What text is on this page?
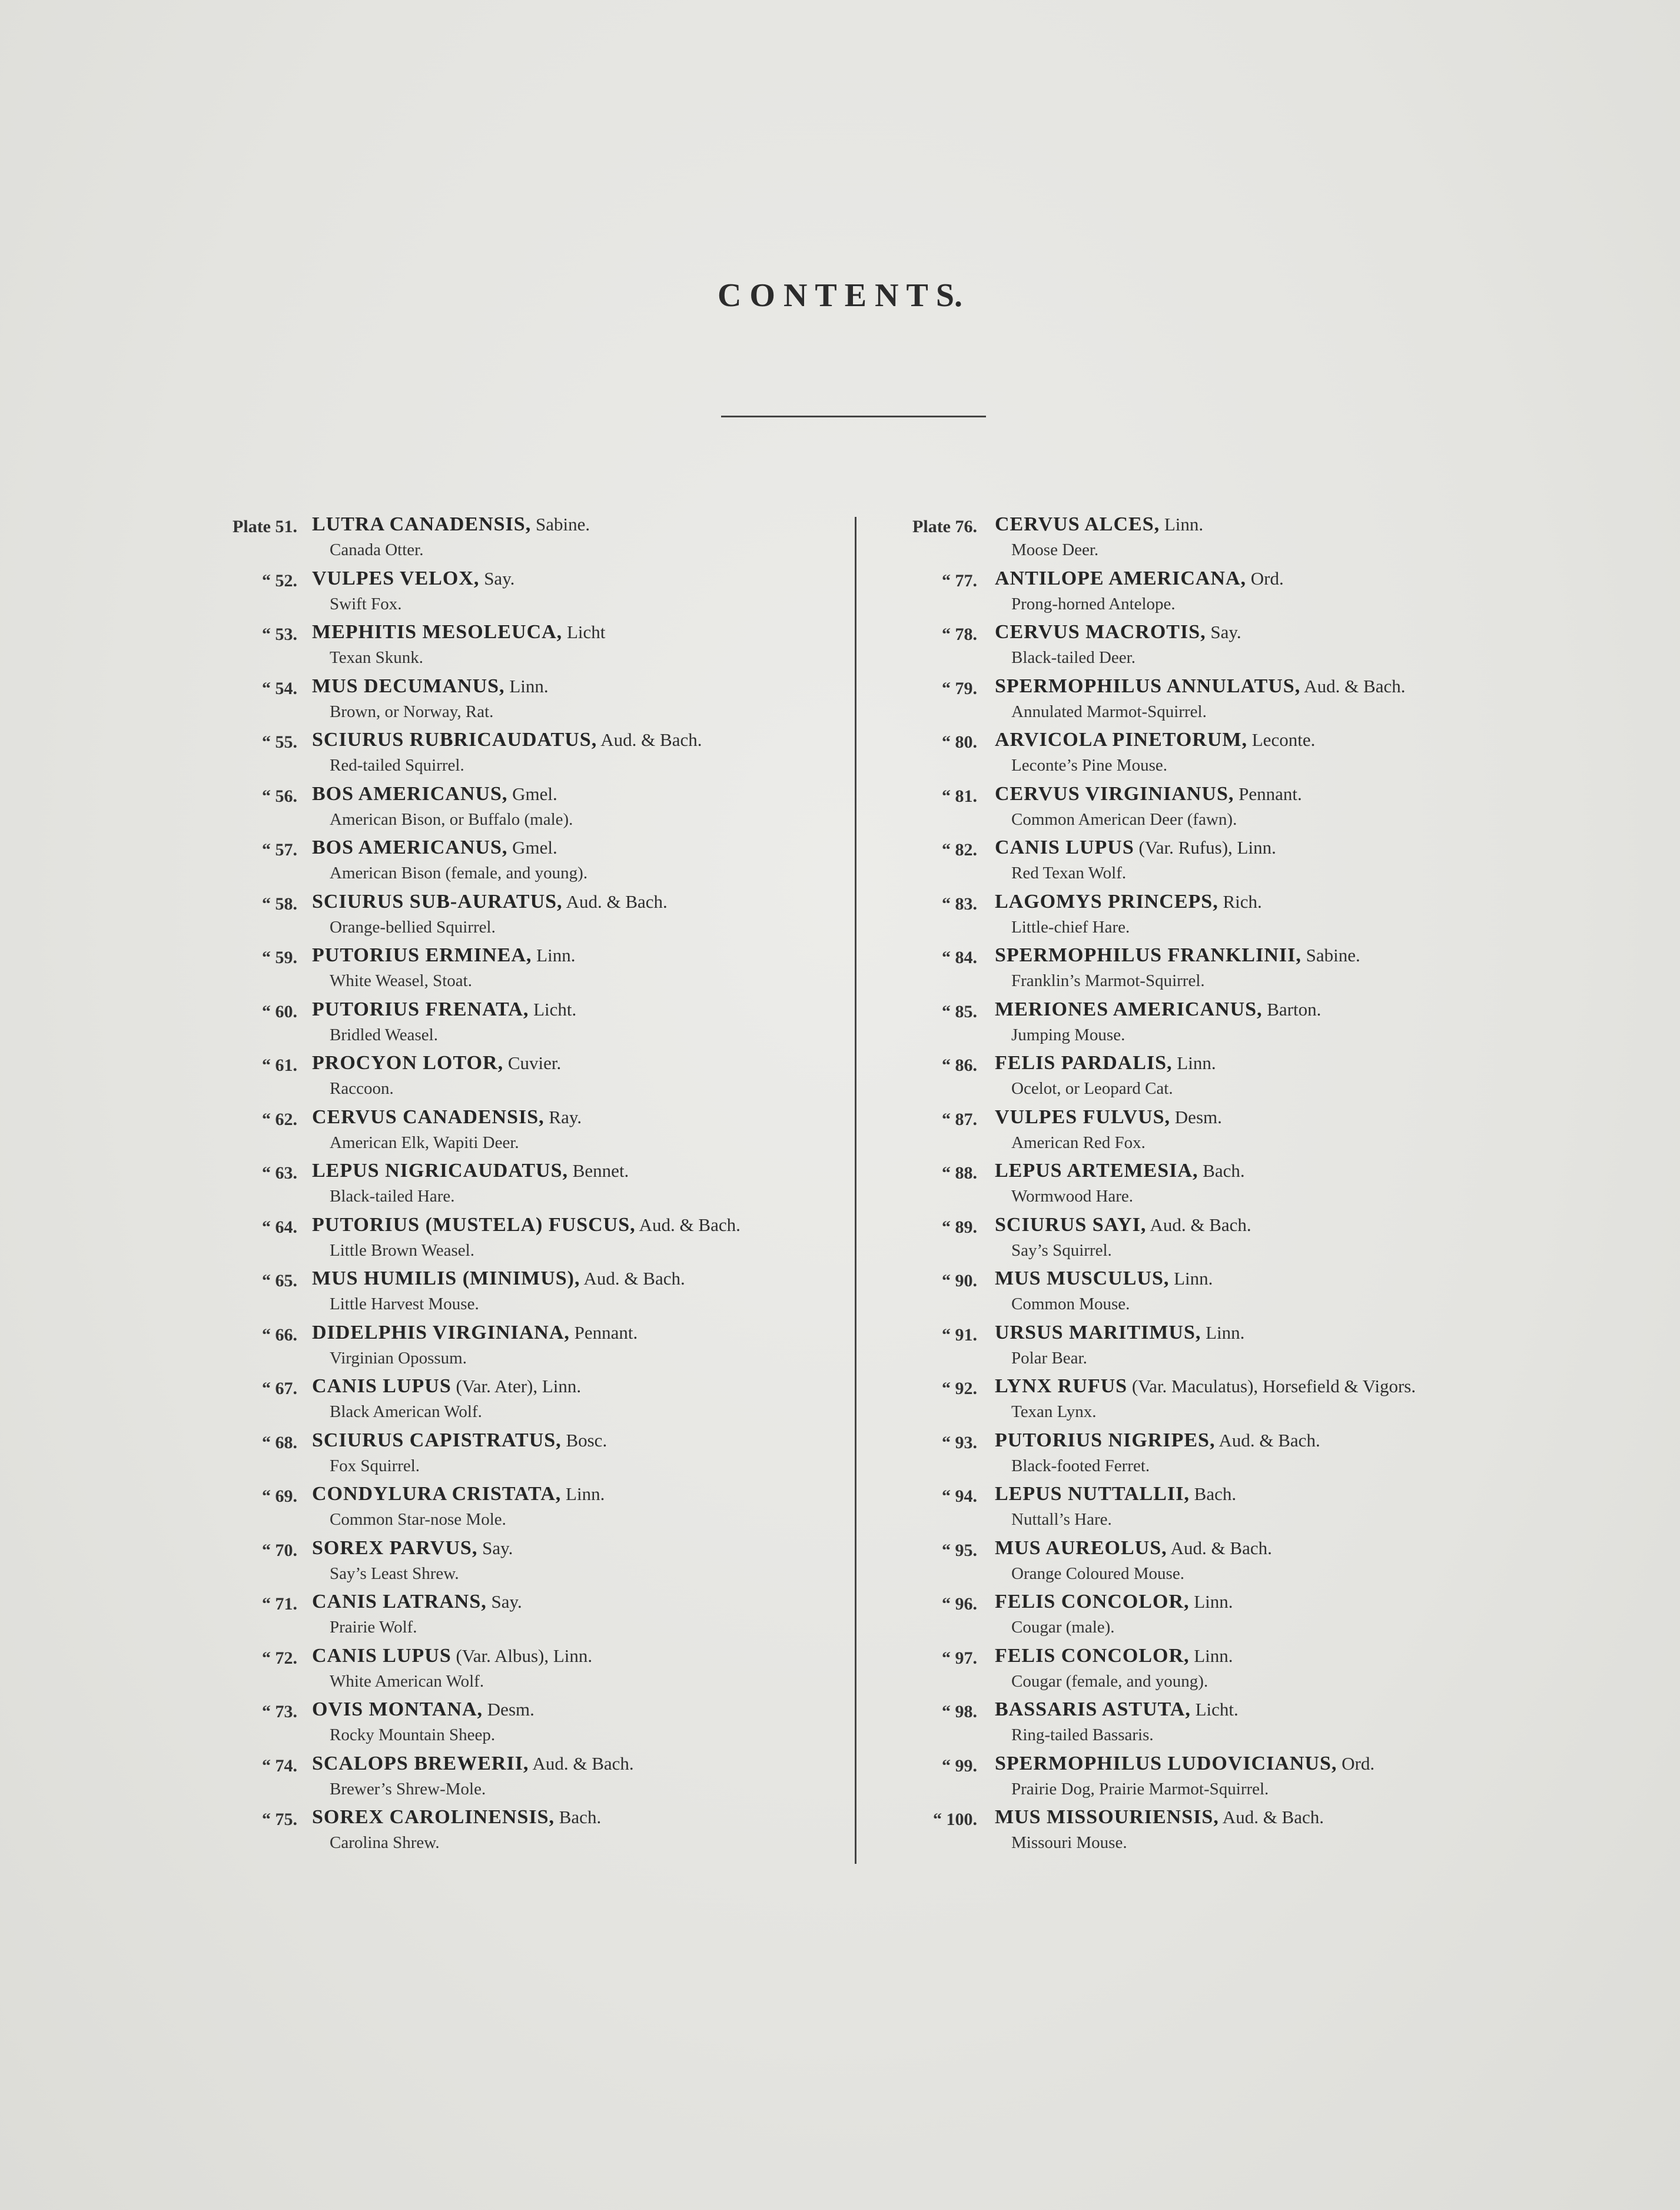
C O N T E N T S.
Plate 51. LUTRA CANADENSIS, Sabine.
Canada Otter.
“ 52. VULPES VELOX, Say.
Swift Fox.
“ 53. MEPHITIS MESOLEUCA, Licht
Texan Skunk.
“ 54. MUS DECUMANUS, Linn.
Brown, or Norway, Rat.
“ 55. SCIURUS RUBRICAUDATUS, Aud. & Bach.
Red-tailed Squirrel.
“ 56. BOS AMERICANUS, Gmel.
American Bison, or Buffalo (male).
“ 57. BOS AMERICANUS, Gmel.
American Bison (female, and young).
“ 58. SCIURUS SUB-AURATUS, Aud. & Bach.
Orange-bellied Squirrel.
“ 59. PUTORIUS ERMINEA, Linn.
White Weasel, Stoat.
“ 60. PUTORIUS FRENATA, Licht.
Bridled Weasel.
“ 61. PROCYON LOTOR, Cuvier.
Raccoon.
“ 62. CERVUS CANADENSIS, Ray.
American Elk, Wapiti Deer.
“ 63. LEPUS NIGRICAUDATUS, Bennet.
Black-tailed Hare.
“ 64. PUTORIUS (MUSTELA) FUSCUS, Aud. & Bach.
Little Brown Weasel.
“ 65. MUS HUMILIS (MINIMUS), Aud. & Bach.
Little Harvest Mouse.
“ 66. DIDELPHIS VIRGINIANA, Pennant.
Virginian Opossum.
“ 67. CANIS LUPUS (Var. Ater), Linn.
Black American Wolf.
“ 68. SCIURUS CAPISTRATUS, Bosc.
Fox Squirrel.
“ 69. CONDYLURA CRISTATA, Linn.
Common Star-nose Mole.
“ 70. SOREX PARVUS, Say.
Say’s Least Shrew.
“ 71. CANIS LATRANS, Say.
Prairie Wolf.
“ 72. CANIS LUPUS (Var. Albus), Linn.
White American Wolf.
“ 73. OVIS MONTANA, Desm.
Rocky Mountain Sheep.
“ 74. SCALOPS BREWERII, Aud. & Bach.
Brewer’s Shrew-Mole.
“ 75. SOREX CAROLINENSIS, Bach.
Carolina Shrew.
Plate 76. CERVUS ALCES, Linn.
Moose Deer.
“ 77. ANTILOPE AMERICANA, Ord.
Prong-horned Antelope.
“ 78. CERVUS MACROTIS, Say.
Black-tailed Deer.
“ 79. SPERMOPHILUS ANNULATUS, Aud. & Bach.
Annulated Marmot-Squirrel.
“ 80. ARVICOLA PINETORUM, Leconte.
Leconte’s Pine Mouse.
“ 81. CERVUS VIRGINIANUS, Pennant.
Common American Deer (fawn).
“ 82. CANIS LUPUS (Var. Rufus), Linn.
Red Texan Wolf.
“ 83. LAGOMYS PRINCEPS, Rich.
Little-chief Hare.
“ 84. SPERMOPHILUS FRANKLINII, Sabine.
Franklin’s Marmot-Squirrel.
“ 85. MERIONES AMERICANUS, Barton.
Jumping Mouse.
“ 86. FELIS PARDALIS, Linn.
Ocelot, or Leopard Cat.
“ 87. VULPES FULVUS, Desm.
American Red Fox.
“ 88. LEPUS ARTEMESIA, Bach.
Wormwood Hare.
“ 89. SCIURUS SAYI, Aud. & Bach.
Say’s Squirrel.
“ 90. MUS MUSCULUS, Linn.
Common Mouse.
“ 91. URSUS MARITIMUS, Linn.
Polar Bear.
“ 92. LYNX RUFUS (Var. Maculatus), Horsefield & Vigors.
Texan Lynx.
“ 93. PUTORIUS NIGRIPES, Aud. & Bach.
Black-footed Ferret.
“ 94. LEPUS NUTTALLII, Bach.
Nuttall’s Hare.
“ 95. MUS AUREOLUS, Aud. & Bach.
Orange Coloured Mouse.
“ 96. FELIS CONCOLOR, Linn.
Cougar (male).
“ 97. FELIS CONCOLOR, Linn.
Cougar (female, and young).
“ 98. BASSARIS ASTUTA, Licht.
Ring-tailed Bassaris.
“ 99. SPERMOPHILUS LUDOVICIANUS, Ord.
Prairie Dog, Prairie Marmot-Squirrel.
“ 100. MUS MISSOURIENSIS, Aud. & Bach.
Missouri Mouse.
